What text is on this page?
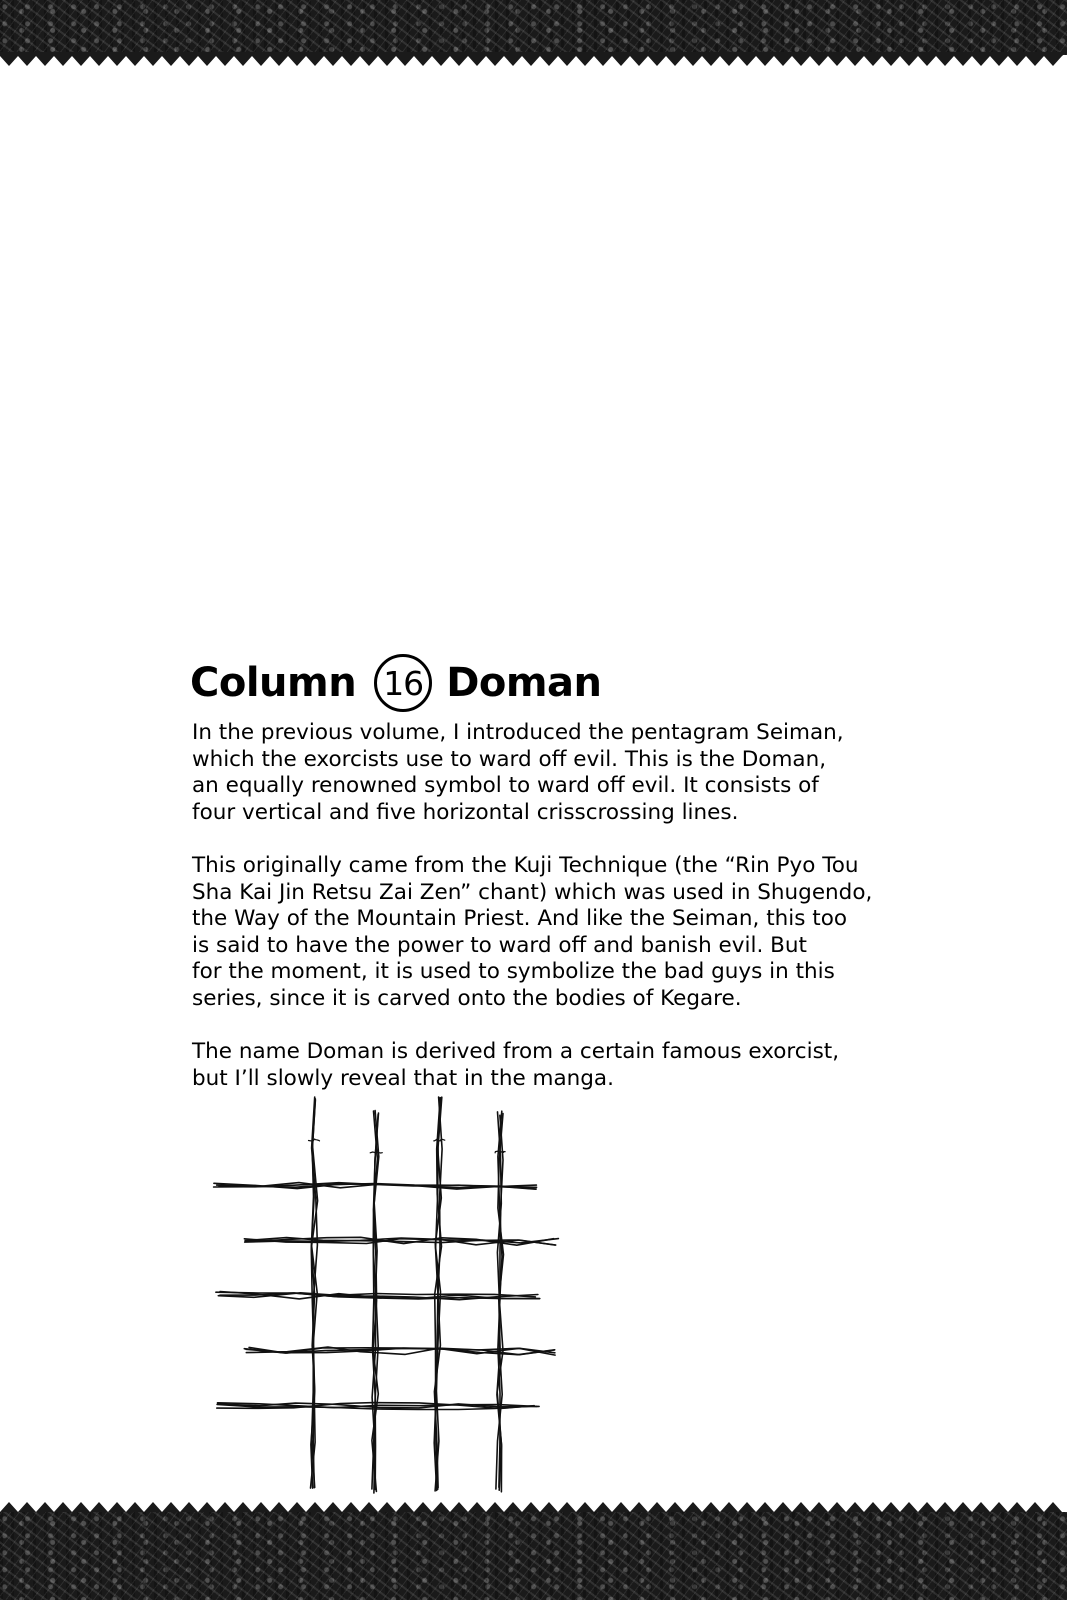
Column 16 Doman

In the previous volume, I introduced the pentagram Seiman,
which the exorcists use to ward off evil. This is the Doman,
an equally renowned symbol to ward off evil. It consists of
four vertical and five horizontal crisscrossing lines.

This originally came from the Kuji Technique (the “Rin Pyo Tou
Sha Kai Jin Retsu Zai Zen” chant) which was used in Shugendo,
the Way of the Mountain Priest. And like the Seiman, this too
is said to have the power to ward off and banish evil. But
for the moment, it is used to symbolize the bad guys in this
series, since it is carved onto the bodies of Kegare.

The name Doman is derived from a certain famous exorcist,
but I’ll slowly reveal that in the manga.
